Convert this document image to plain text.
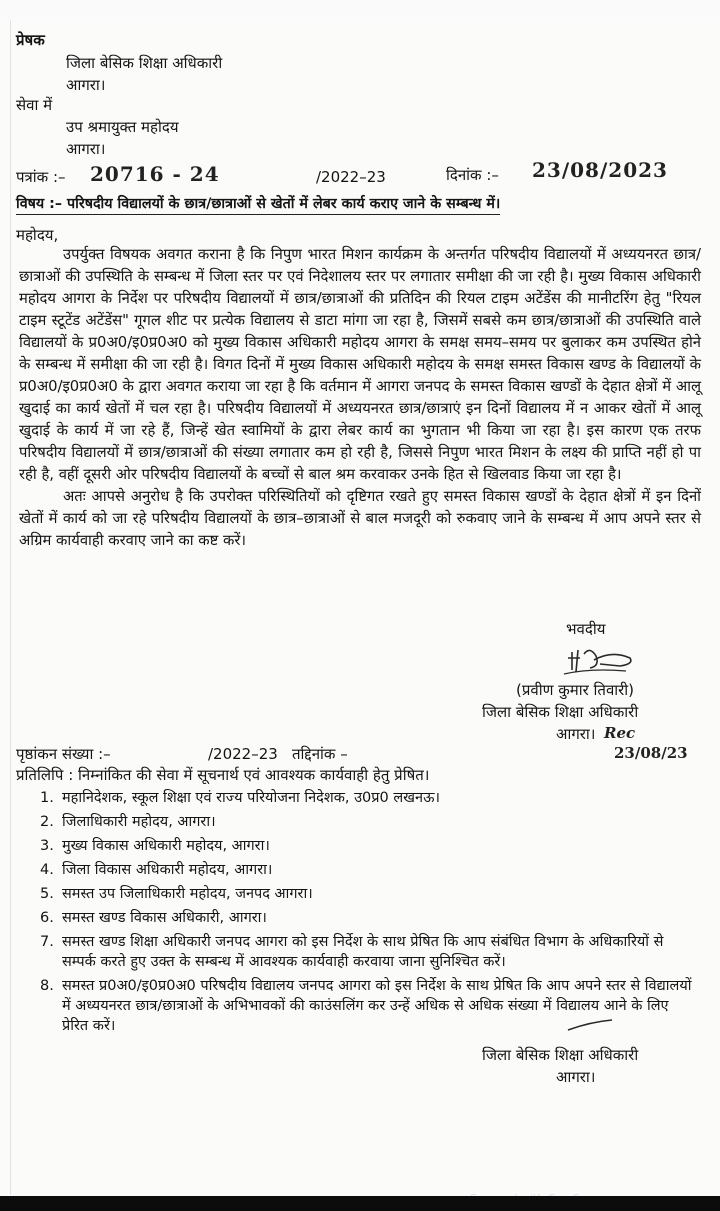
प्रेषक
जिला बेसिक शिक्षा अधिकारी
आगरा।
सेवा में
उप श्रमायुक्त महोदय
आगरा।
पत्रांक :– 20716 - 24	/2022–23	दिनांक :– 23/08/2023
विषय :– परिषदीय विद्यालयों के छात्र/छात्राओं से खेतों में लेबर कार्य कराए जाने के सम्बन्ध में।
महोदय,

उपर्युक्त विषयक अवगत कराना है कि निपुण भारत मिशन कार्यक्रम के अन्तर्गत परिषदीय विद्यालयों में अध्ययनरत छात्र/छात्राओं की उपस्थिति के सम्बन्ध में जिला स्तर पर एवं निदेशालय स्तर पर लगातार समीक्षा की जा रही है। मुख्य विकास अधिकारी महोदय आगरा के निर्देश पर परिषदीय विद्यालयों में छात्र/छात्राओं की प्रतिदिन की रियल टाइम अटेंडेंस की मानीटरिंग हेतु "रियल टाइम स्टूटेंड अटेंडेंस" गूगल शीट पर प्रत्येक विद्यालय से डाटा मांगा जा रहा है, जिसमें सबसे कम छात्र/छात्राओं की उपस्थिति वाले विद्यालयों के प्र0अ0/इ0प्र0अ0 को मुख्य विकास अधिकारी महोदय आगरा के समक्ष समय–समय पर बुलाकर कम उपस्थित होने के सम्बन्ध में समीक्षा की जा रही है। विगत दिनों में मुख्य विकास अधिकारी महोदय के समक्ष समस्त विकास खण्ड के विद्यालयों के प्र0अ0/इ0प्र0अ0 के द्वारा अवगत कराया जा रहा है कि वर्तमान में आगरा जनपद के समस्त विकास खण्डों के देहात क्षेत्रों में आलू खुदाई का कार्य खेतों में चल रहा है। परिषदीय विद्यालयों में अध्ययनरत छात्र/छात्राएं इन दिनों विद्यालय में न आकर खेतों में आलू खुदाई के कार्य में जा रहे हैं, जिन्हें खेत स्वामियों के द्वारा लेबर कार्य का भुगतान भी किया जा रहा है। इस कारण एक तरफ परिषदीय विद्यालयों में छात्र/छात्राओं की संख्या लगातार कम हो रही है, जिससे निपुण भारत मिशन के लक्ष्य की प्राप्ति नहीं हो पा रही है, वहीं दूसरी ओर परिषदीय विद्यालयों के बच्चों से बाल श्रम करवाकर उनके हित से खिलवाड किया जा रहा है।

अतः आपसे अनुरोध है कि उपरोक्त परिस्थितियों को दृष्टिगत रखते हुए समस्त विकास खण्डों के देहात क्षेत्रों में इन दिनों खेतों में कार्य को जा रहे परिषदीय विद्यालयों के छात्र–छात्राओं से बाल मजदूरी को रुकवाए जाने के सम्बन्ध में आप अपने स्तर से अग्रिम कार्यवाही करवाए जाने का कष्ट करें।

भवदीय
(प्रवीण कुमार तिवारी)
जिला बेसिक शिक्षा अधिकारी
आगरा। Rec
23/08/23
पृष्ठांकन संख्या :–	/2022–23 तद्दिनांक –
प्रतिलिपि : निम्नांकित की सेवा में सूचनार्थ एवं आवश्यक कार्यवाही हेतु प्रेषित।
1. महानिदेशक, स्कूल शिक्षा एवं राज्य परियोजना निदेशक, उ0प्र0 लखनऊ।
2. जिलाधिकारी महोदय, आगरा।
3. मुख्य विकास अधिकारी महोदय, आगरा।
4. जिला विकास अधिकारी महोदय, आगरा।
5. समस्त उप जिलाधिकारी महोदय, जनपद आगरा।
6. समस्त खण्ड विकास अधिकारी, आगरा।
7. समस्त खण्ड शिक्षा अधिकारी जनपद आगरा को इस निर्देश के साथ प्रेषित कि आप संबंधित विभाग के अधिकारियों से सम्पर्क करते हुए उक्त के सम्बन्ध में आवश्यक कार्यवाही करवाया जाना सुनिश्चित करें।
8. समस्त प्र0अ0/इ0प्र0अ0 परिषदीय विद्यालय जनपद आगरा को इस निर्देश के साथ प्रेषित कि आप अपने स्तर से विद्यालयों में अध्ययनरत छात्र/छात्राओं के अभिभावकों की काउंसलिंग कर उन्हें अधिक से अधिक संख्या में विद्यालय आने के लिए प्रेरित करें।
जिला बेसिक शिक्षा अधिकारी
आगरा।
